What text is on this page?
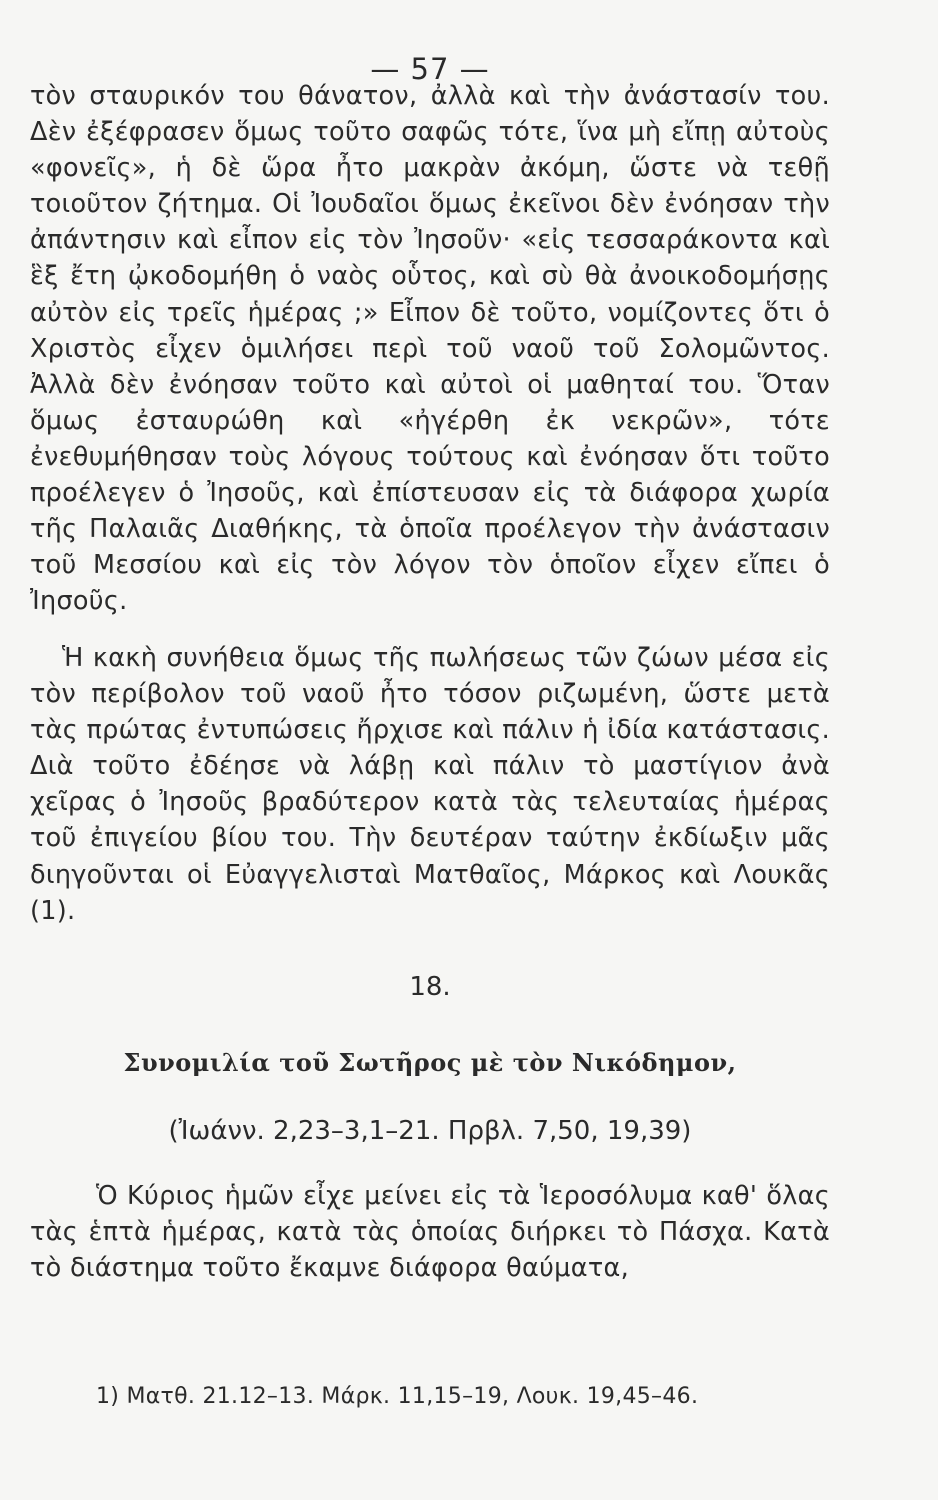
— 57 —
τὸν σταυρικόν του θάνατον, ἀλλὰ καὶ τὴν ἀνάστασίν του. Δὲν ἐξέφρασεν ὅμως τοῦτο σαφῶς τότε, ἵνα μὴ εἴπῃ αὐτοὺς «φονεῖς», ἡ δὲ ὥρα ἦτο μακρὰν ἀκόμη, ὥστε νὰ τεθῇ τοιοῦτον ζήτημα. Οἱ Ἰουδαῖοι ὅμως ἐκεῖνοι δὲν ἐνόησαν τὴν ἀπάντησιν καὶ εἶπον εἰς τὸν Ἰησοῦν· «εἰς τεσσαράκοντα καὶ ἓξ ἔτη ᾠκοδομήθη ὁ ναὸς οὗτος, καὶ σὺ θὰ ἀνοικοδομήσῃς αὐτὸν εἰς τρεῖς ἡμέρας ;» Εἶπον δὲ τοῦτο, νομίζοντες ὅτι ὁ Χριστὸς εἶχεν ὁμιλήσει περὶ τοῦ ναοῦ τοῦ Σολομῶντος. Ἀλλὰ δὲν ἐνόησαν τοῦτο καὶ αὐτοὶ οἱ μαθηταί του. Ὅταν ὅμως ἐσταυρώθη καὶ «ἠγέρθη ἐκ νεκρῶν», τότε ἐνεθυμήθησαν τοὺς λόγους τούτους καὶ ἐνόησαν ὅτι τοῦτο προέλεγεν ὁ Ἰησοῦς, καὶ ἐπίστευσαν εἰς τὰ διάφορα χωρία τῆς Παλαιᾶς Διαθήκης, τὰ ὁποῖα προέλεγον τὴν ἀνάστασιν τοῦ Μεσσίου καὶ εἰς τὸν λόγον τὸν ὁποῖον εἶχεν εἴπει ὁ Ἰησοῦς.
Ἡ κακὴ συνήθεια ὅμως τῆς πωλήσεως τῶν ζώων μέσα εἰς τὸν περίβολον τοῦ ναοῦ ἦτο τόσον ριζωμένη, ὥστε μετὰ τὰς πρώτας ἐντυπώσεις ἤρχισε καὶ πάλιν ἡ ἰδία κατάστασις. Διὰ τοῦτο ἐδέησε νὰ λάβῃ καὶ πάλιν τὸ μαστίγιον ἀνὰ χεῖρας ὁ Ἰησοῦς βραδύτερον κατὰ τὰς τελευταίας ἡμέρας τοῦ ἐπιγείου βίου του. Τὴν δευτέραν ταύτην ἐκδίωξιν μᾶς διηγοῦνται οἱ Εὐαγγελισταὶ Ματθαῖος, Μάρκος καὶ Λουκᾶς (1).
18.
Συνομιλία τοῦ Σωτῆρος μὲ τὸν Νικόδημον,
(Ἰωάνν. 2,23–3,1–21. Πρβλ. 7,50, 19,39)
Ὁ Κύριος ἡμῶν εἶχε μείνει εἰς τὰ Ἱεροσόλυμα καθ' ὅλας τὰς ἑπτὰ ἡμέρας, κατὰ τὰς ὁποίας διήρκει τὸ Πάσχα. Κατὰ τὸ διάστημα τοῦτο ἔκαμνε διάφορα θαύματα,
1) Ματθ. 21.12–13. Μάρκ. 11,15–19, Λουκ. 19,45–46.
